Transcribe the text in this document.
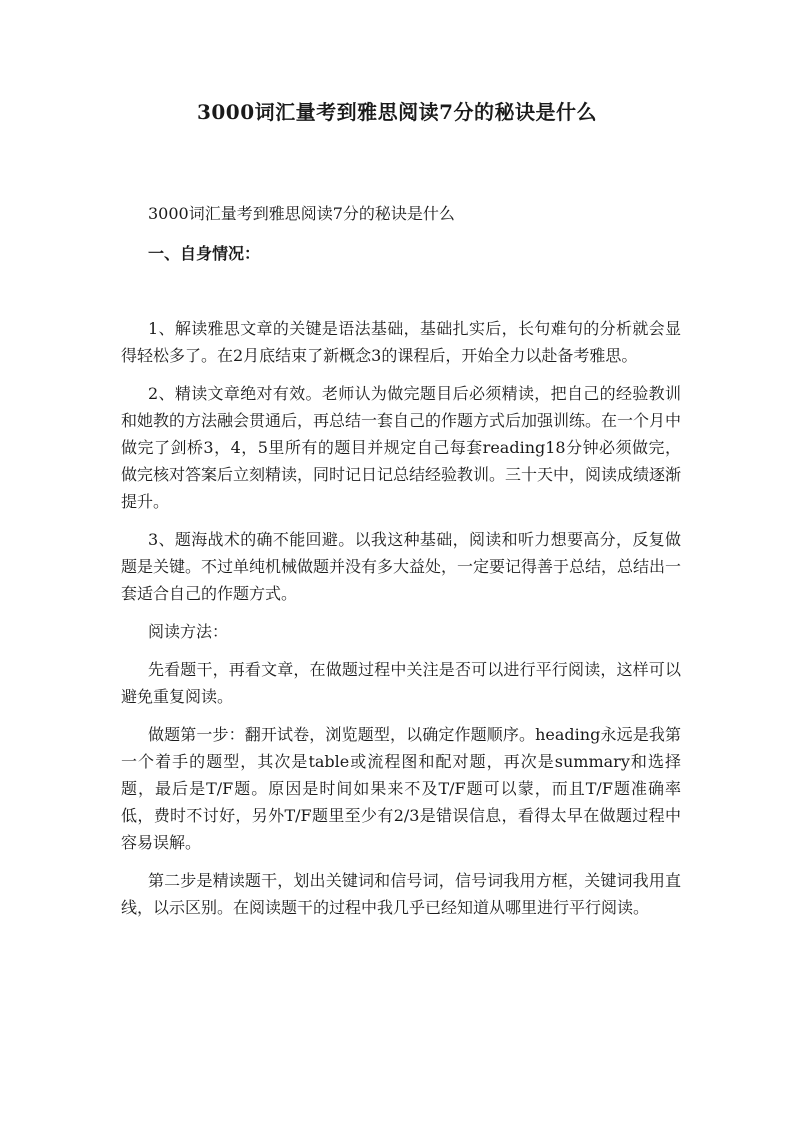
3000词汇量考到雅思阅读7分的秘诀是什么

3000词汇量考到雅思阅读7分的秘诀是什么

一、自身情况：

1、解读雅思文章的关键是语法基础，基础扎实后，长句难句的分析就会显得轻松多了。在2月底结束了新概念3的课程后，开始全力以赴备考雅思。

2、精读文章绝对有效。老师认为做完题目后必须精读，把自己的经验教训和她教的方法融会贯通后，再总结一套自己的作题方式后加强训练。在一个月中做完了剑桥3，4，5里所有的题目并规定自己每套reading18分钟必须做完，做完核对答案后立刻精读，同时记日记总结经验教训。三十天中，阅读成绩逐渐提升。

3、题海战术的确不能回避。以我这种基础，阅读和听力想要高分，反复做题是关键。不过单纯机械做题并没有多大益处，一定要记得善于总结，总结出一套适合自己的作题方式。

阅读方法：

先看题干，再看文章，在做题过程中关注是否可以进行平行阅读，这样可以避免重复阅读。

做题第一步：翻开试卷，浏览题型，以确定作题顺序。heading永远是我第一个着手的题型，其次是table或流程图和配对题，再次是summary和选择题，最后是T/F题。原因是时间如果来不及T/F题可以蒙，而且T/F题准确率低，费时不讨好，另外T/F题里至少有2/3是错误信息，看得太早在做题过程中容易误解。

第二步是精读题干，划出关键词和信号词，信号词我用方框，关键词我用直线，以示区别。在阅读题干的过程中我几乎已经知道从哪里进行平行阅读。
